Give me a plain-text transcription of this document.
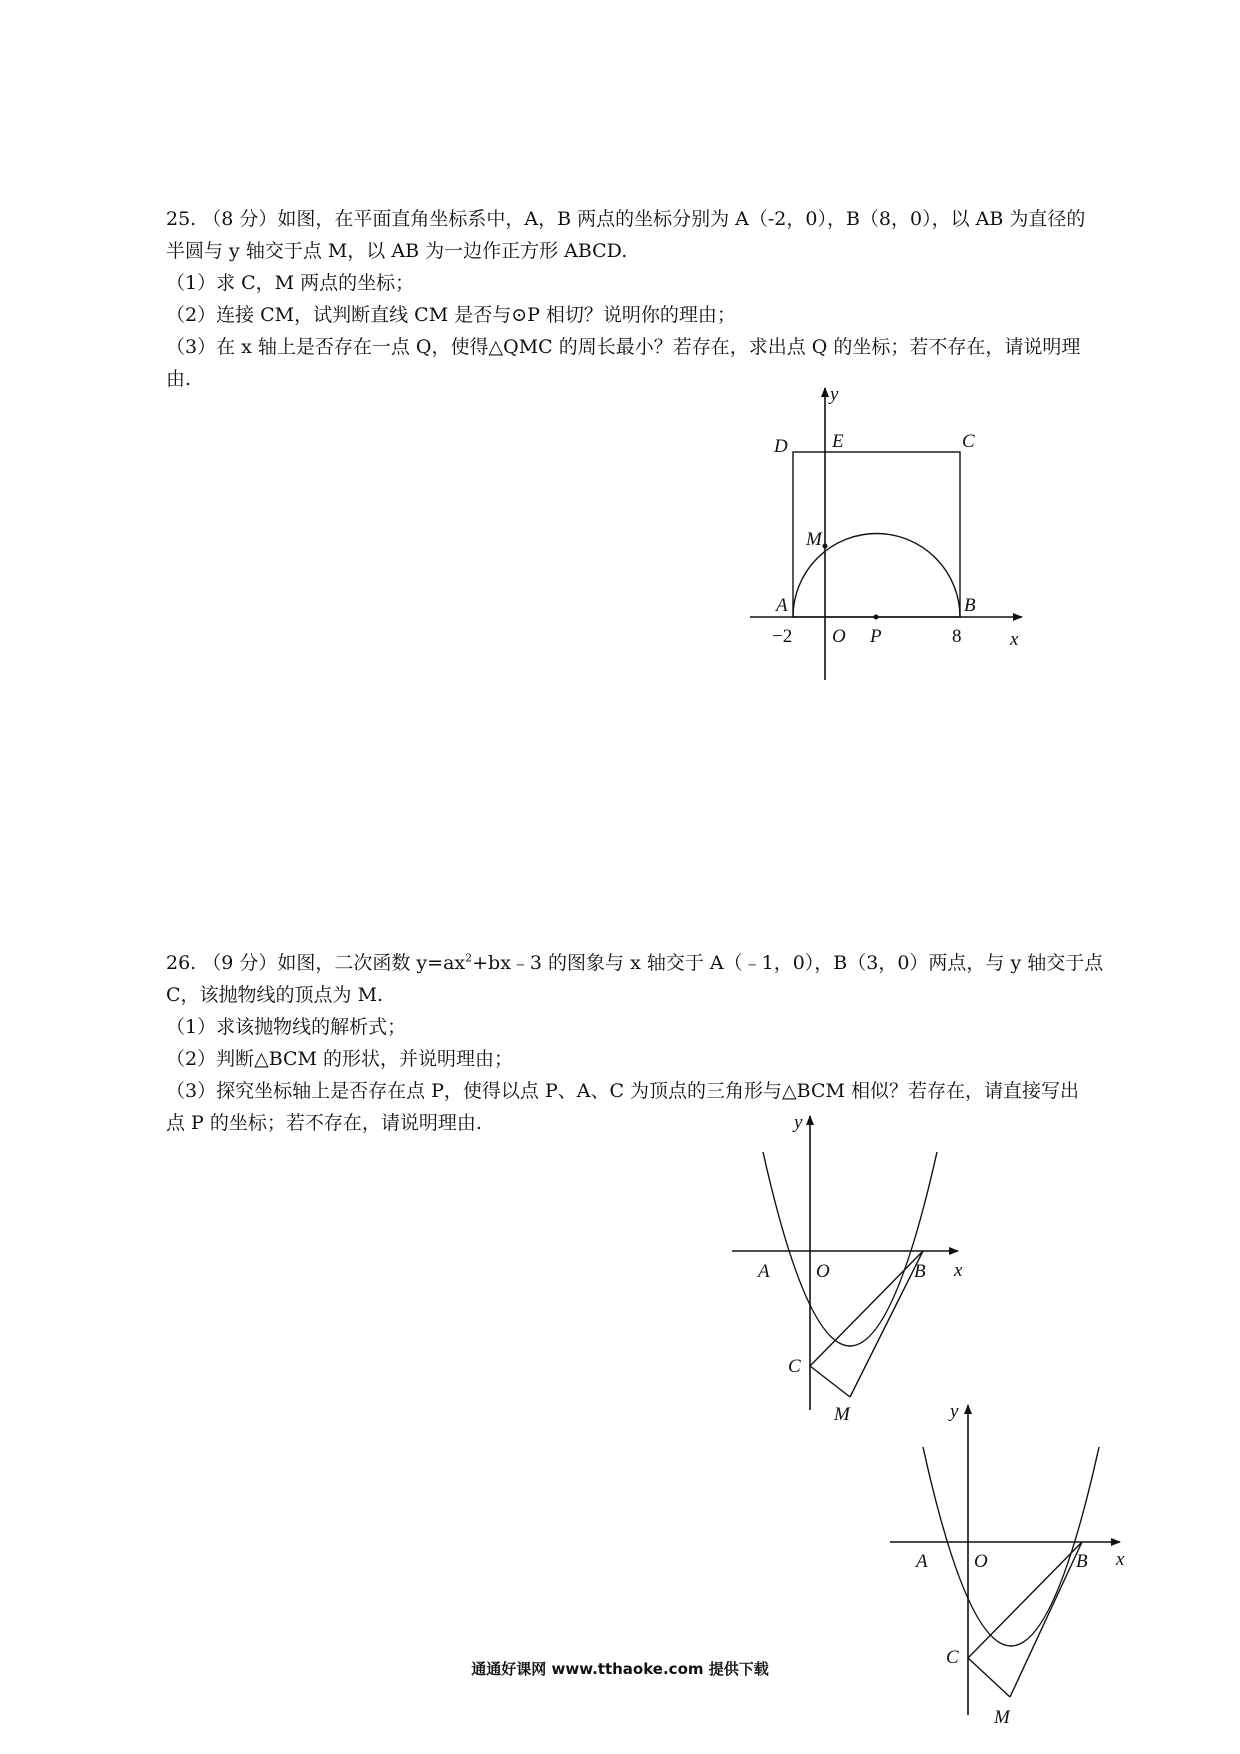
25. （8 分）如图，在平面直角坐标系中，A，B 两点的坐标分别为 A（-2，0），B（8，0），以 AB 为直径的

半圆与 y 轴交于点 M，以 AB 为一边作正方形 ABCD.

（1）求 C，M 两点的坐标；

（2）连接 CM，试判断直线 CM 是否与⊙P 相切？说明你的理由；

（3）在 x 轴上是否存在一点 Q，使得△QMC 的周长最小？若存在，求出点 Q 的坐标；若不存在，请说明理

由.

y
D E	C
M
A	B
−2 O P	8	x

26. （9 分）如图，二次函数 $y=ax^2+bx﹣3$ 的图象与 x 轴交于 A（﹣1，0），B（3，0）两点，与 y 轴交于点

C，该抛物线的顶点为 M.

（1）求该抛物线的解析式；

（2）判断△BCM 的形状，并说明理由；

（3）探究坐标轴上是否存在点 P，使得以点 P、A、C 为顶点的三角形与△BCM 相似？若存在，请直接写出

点 P 的坐标；若不存在，请说明理由.	y
A O	B x
C
M	y
A O	B x
C
M
通通好课网 www.tthaoke.com 提供下载
